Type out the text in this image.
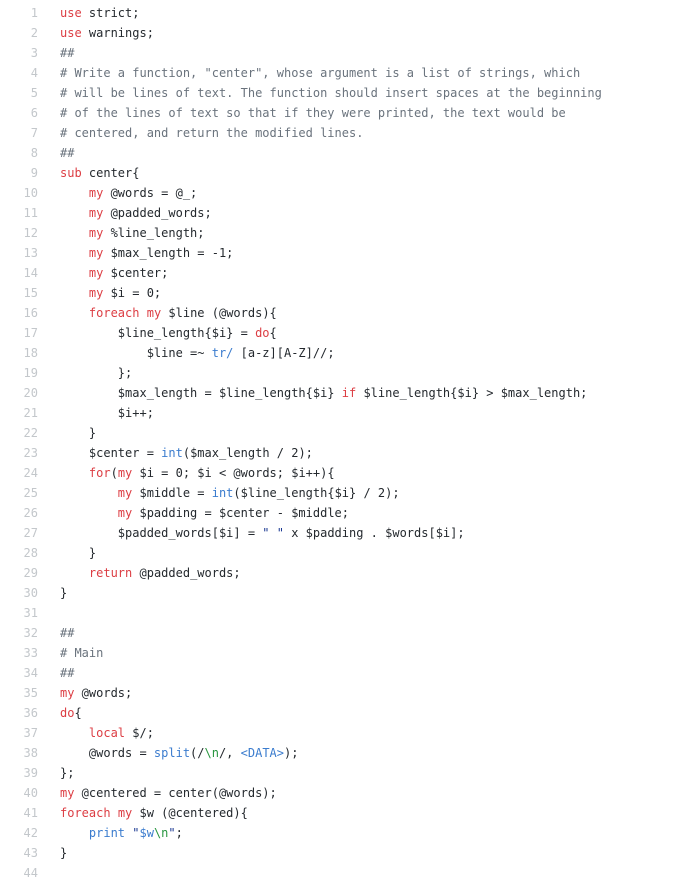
1	use strict;
2	use warnings;
3	##
4	# Write a function, "center", whose argument is a list of strings, which
5	# will be lines of text. The function should insert spaces at the beginning
6	# of the lines of text so that if they were printed, the text would be
7	# centered, and return the modified lines.
8	##
9	sub center{
10	my @words = @_;
11	my @padded_words;
12	my %line_length;
13	my $max_length = -1;
14	my $center;
15	my $i = 0;
16	foreach my $line (@words){
17	$line_length{$i} = do{
18	$line =~ tr/ [a-z][A-Z]//;
19	};
20	$max_length = $line_length{$i} if $line_length{$i} > $max_length;
21	$i++;
22	}
23	$center = int($max_length / 2);
24	for(my $i = 0; $i < @words; $i++){
25	my $middle = int($line_length{$i} / 2);
26	my $padding = $center - $middle;
27	$padded_words[$i] = " " x $padding . $words[$i];
28	}
29	return @padded_words;
30	}
31
32	##
33	# Main
34	##
35	my @words;
36	do{
37	local $/;
38	@words = split(/\n/, <DATA>);
39	};
40	my @centered = center(@words);
41	foreach my $w (@centered){
42	print "$w\n";
43	}
44
